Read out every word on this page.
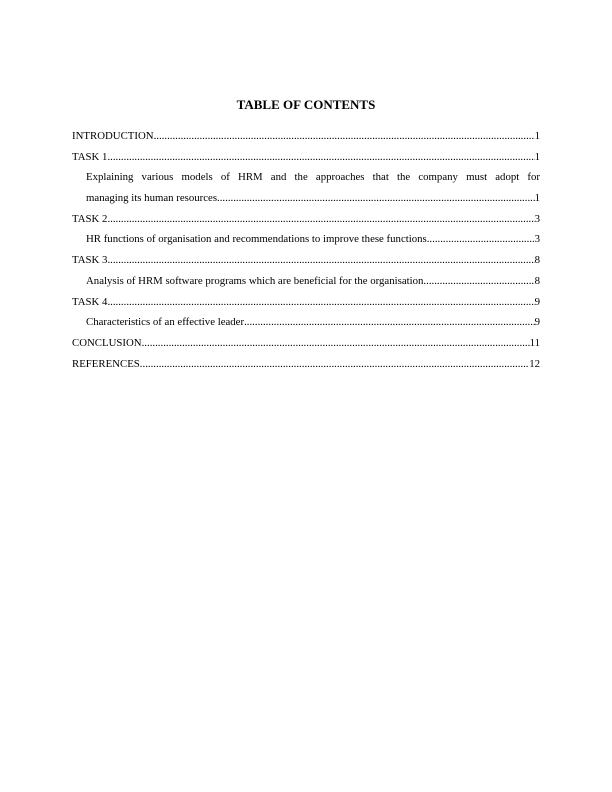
TABLE OF CONTENTS
INTRODUCTION .....	1
TASK 1 .....	1
Explaining various models of HRM and the approaches that the company must adopt for
managing its human resources .....	1
TASK 2 .....	3
HR functions of organisation and recommendations to improve these functions .....	3
TASK 3 .....	8
Analysis of HRM software programs which are beneficial for the organisation .....	8
TASK 4 .....	9
Characteristics of an effective leader .....	9
CONCLUSION .....	11
REFERENCES .....	12
